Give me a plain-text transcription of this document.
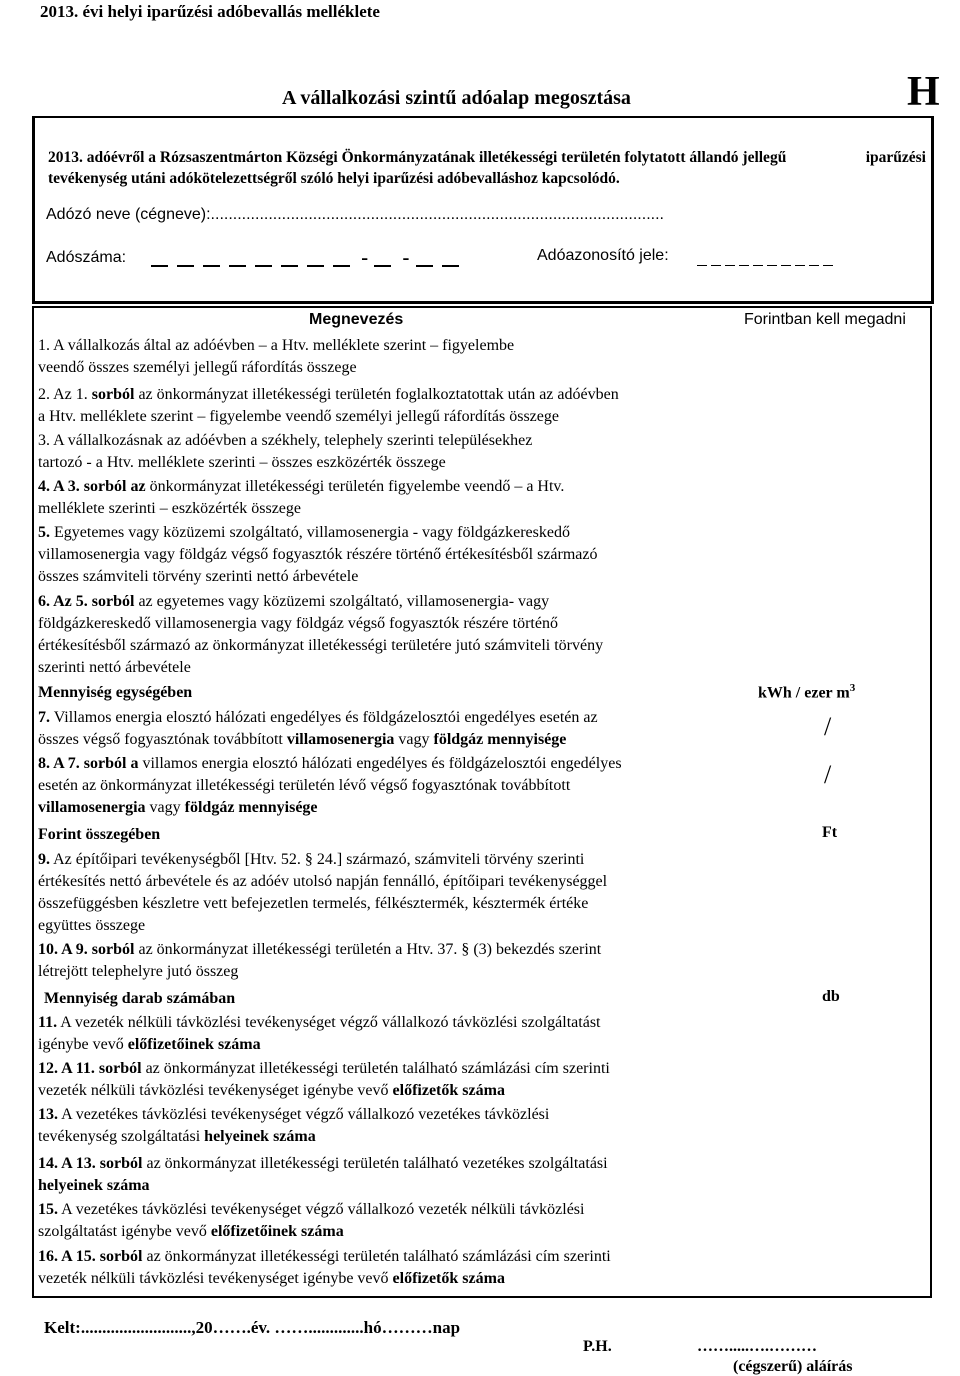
2013. évi helyi iparűzési adóbevallás melléklete
A vállalkozási szintű adóalap megosztása	H
2013. adóévről a Rózsaszentmárton Községi Önkormányzatának illetékességi területén folytatott állandó jellegű	iparűzési
tevékenység utáni adókötelezettségről szóló helyi iparűzési adóbevalláshoz kapcsolódó.
Adózó neve (cégneve):......................................................................................................
Adószáma:	- -	Adóazonosító jele:
Megnevezés	Forintban kell megadni
1. A vállalkozás által az adóévben – a Htv. melléklete szerint – figyelembe
veendő összes személyi jellegű ráfordítás összege
2. Az 1. sorból az önkormányzat illetékességi területén foglalkoztatottak után az adóévben
a Htv. melléklete szerint – figyelembe veendő személyi jellegű ráfordítás összege
3. A vállalkozásnak az adóévben a székhely, telephely szerinti településekhez
tartozó - a Htv. melléklete szerinti – összes eszközérték összege
4. A 3. sorból az önkormányzat illetékességi területén figyelembe veendő – a Htv.
melléklete szerinti – eszközérték összege
5. Egyetemes vagy közüzemi szolgáltató, villamosenergia - vagy földgázkereskedő
villamosenergia vagy földgáz végső fogyasztók részére történő értékesítésből származó
összes számviteli törvény szerinti nettó árbevétele
6. Az 5. sorból az egyetemes vagy közüzemi szolgáltató, villamosenergia- vagy
földgázkereskedő villamosenergia vagy földgáz végső fogyasztók részére történő
értékesítésből származó az önkormányzat illetékességi területére jutó számviteli törvény
szerinti nettó árbevétele
Mennyiség egységében	kWh / ezer $m^3$
7. Villamos energia elosztó hálózati engedélyes és földgázelosztói engedélyes esetén az
összes végső fogyasztónak továbbított villamosenergia vagy földgáz mennyisége	/
8. A 7. sorból a villamos energia elosztó hálózati engedélyes és földgázelosztói engedélyes
esetén az önkormányzat illetékességi területén lévő végső fogyasztónak továbbított
villamosenergia vagy földgáz mennyisége
/
Forint összegében	Ft
9. Az építőipari tevékenységből [Htv. 52. § 24.] származó, számviteli törvény szerinti
értékesítés nettó árbevétele és az adóév utolsó napján fennálló, építőipari tevékenységgel
összefüggésben készletre vett befejezetlen termelés, félkésztermék, késztermék értéke
együttes összege
10. A 9. sorból az önkormányzat illetékességi területén a Htv. 37. § (3) bekezdés szerint
létrejött telephelyre jutó összeg
Mennyiség darab számában	db
11. A vezeték nélküli távközlési tevékenységet végző vállalkozó távközlési szolgáltatást
igénybe vevő előfizetőinek száma
12. A 11. sorból az önkormányzat illetékességi területén található számlázási cím szerinti
vezeték nélküli távközlési tevékenységet igénybe vevő előfizetők száma
13. A vezetékes távközlési tevékenységet végző vállalkozó vezetékes távközlési
tevékenység szolgáltatási helyeinek száma
14. A 13. sorból az önkormányzat illetékességi területén található vezetékes szolgáltatási
helyeinek száma
15. A vezetékes távközlési tevékenységet végző vállalkozó vezeték nélküli távközlési
szolgáltatást igénybe vevő előfizetőinek száma
16. A 15. sorból az önkormányzat illetékességi területén található számlázási cím szerinti
vezeték nélküli távközlési tevékenységet igénybe vevő előfizetők száma
Kelt:..........................,20…….év. …….............hó………nap
P.H.	…….....….………
(cégszerű) aláírás
